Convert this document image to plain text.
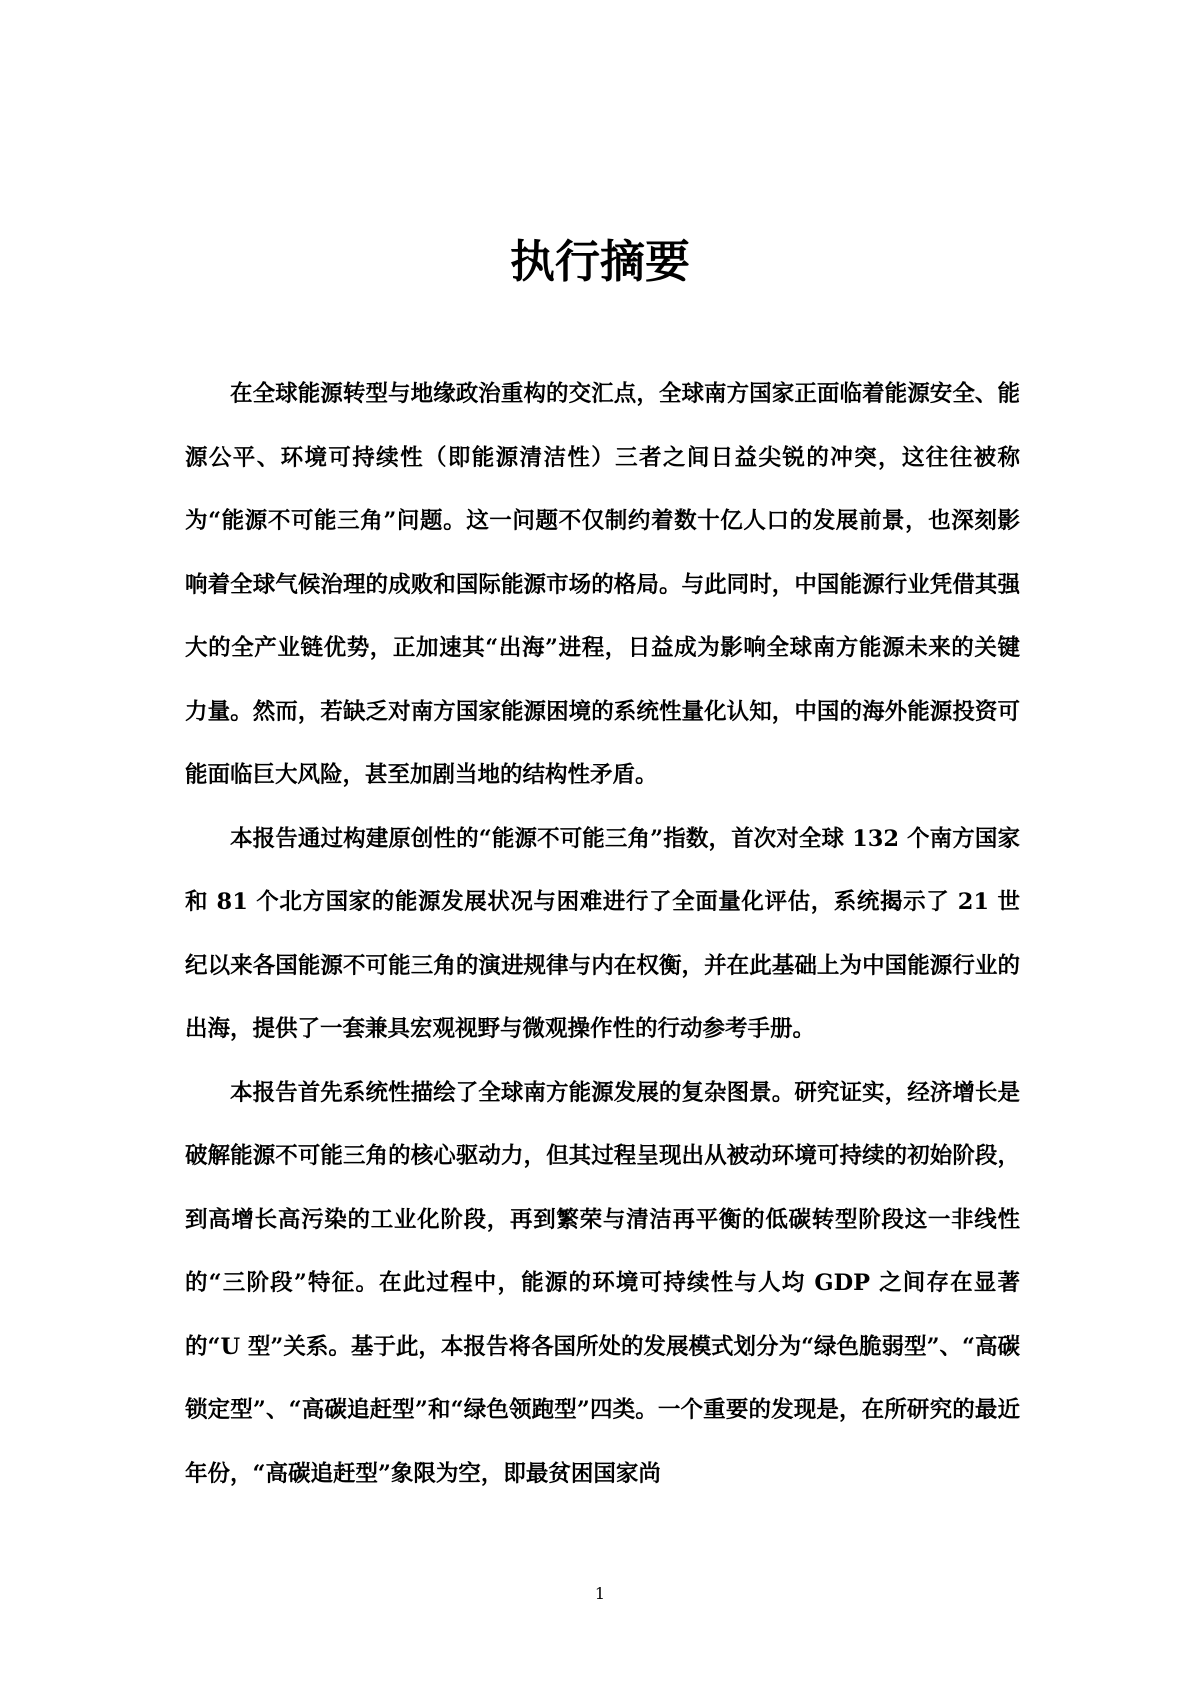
执行摘要

在全球能源转型与地缘政治重构的交汇点，全球南方国家正面临着能源安全、能源公平、环境可持续性（即能源清洁性）三者之间日益尖锐的冲突，这往往被称为“能源不可能三角”问题。这一问题不仅制约着数十亿人口的发展前景，也深刻影响着全球气候治理的成败和国际能源市场的格局。与此同时，中国能源行业凭借其强大的全产业链优势，正加速其“出海”进程，日益成为影响全球南方能源未来的关键力量。然而，若缺乏对南方国家能源困境的系统性量化认知，中国的海外能源投资可能面临巨大风险，甚至加剧当地的结构性矛盾。

本报告通过构建原创性的“能源不可能三角”指数，首次对全球 132 个南方国家和 81 个北方国家的能源发展状况与困难进行了全面量化评估，系统揭示了 21 世纪以来各国能源不可能三角的演进规律与内在权衡，并在此基础上为中国能源行业的出海，提供了一套兼具宏观视野与微观操作性的行动参考手册。

本报告首先系统性描绘了全球南方能源发展的复杂图景。研究证实，经济增长是破解能源不可能三角的核心驱动力，但其过程呈现出从被动环境可持续的初始阶段，到高增长高污染的工业化阶段，再到繁荣与清洁再平衡的低碳转型阶段这一非线性的“三阶段”特征。在此过程中，能源的环境可持续性与人均 GDP 之间存在显著的“U 型”关系。基于此，本报告将各国所处的发展模式划分为“绿色脆弱型”、“高碳锁定型”、“高碳追赶型”和“绿色领跑型”四类。一个重要的发现是，在所研究的最近年份，“高碳追赶型”象限为空，即最贫困国家尚

1
